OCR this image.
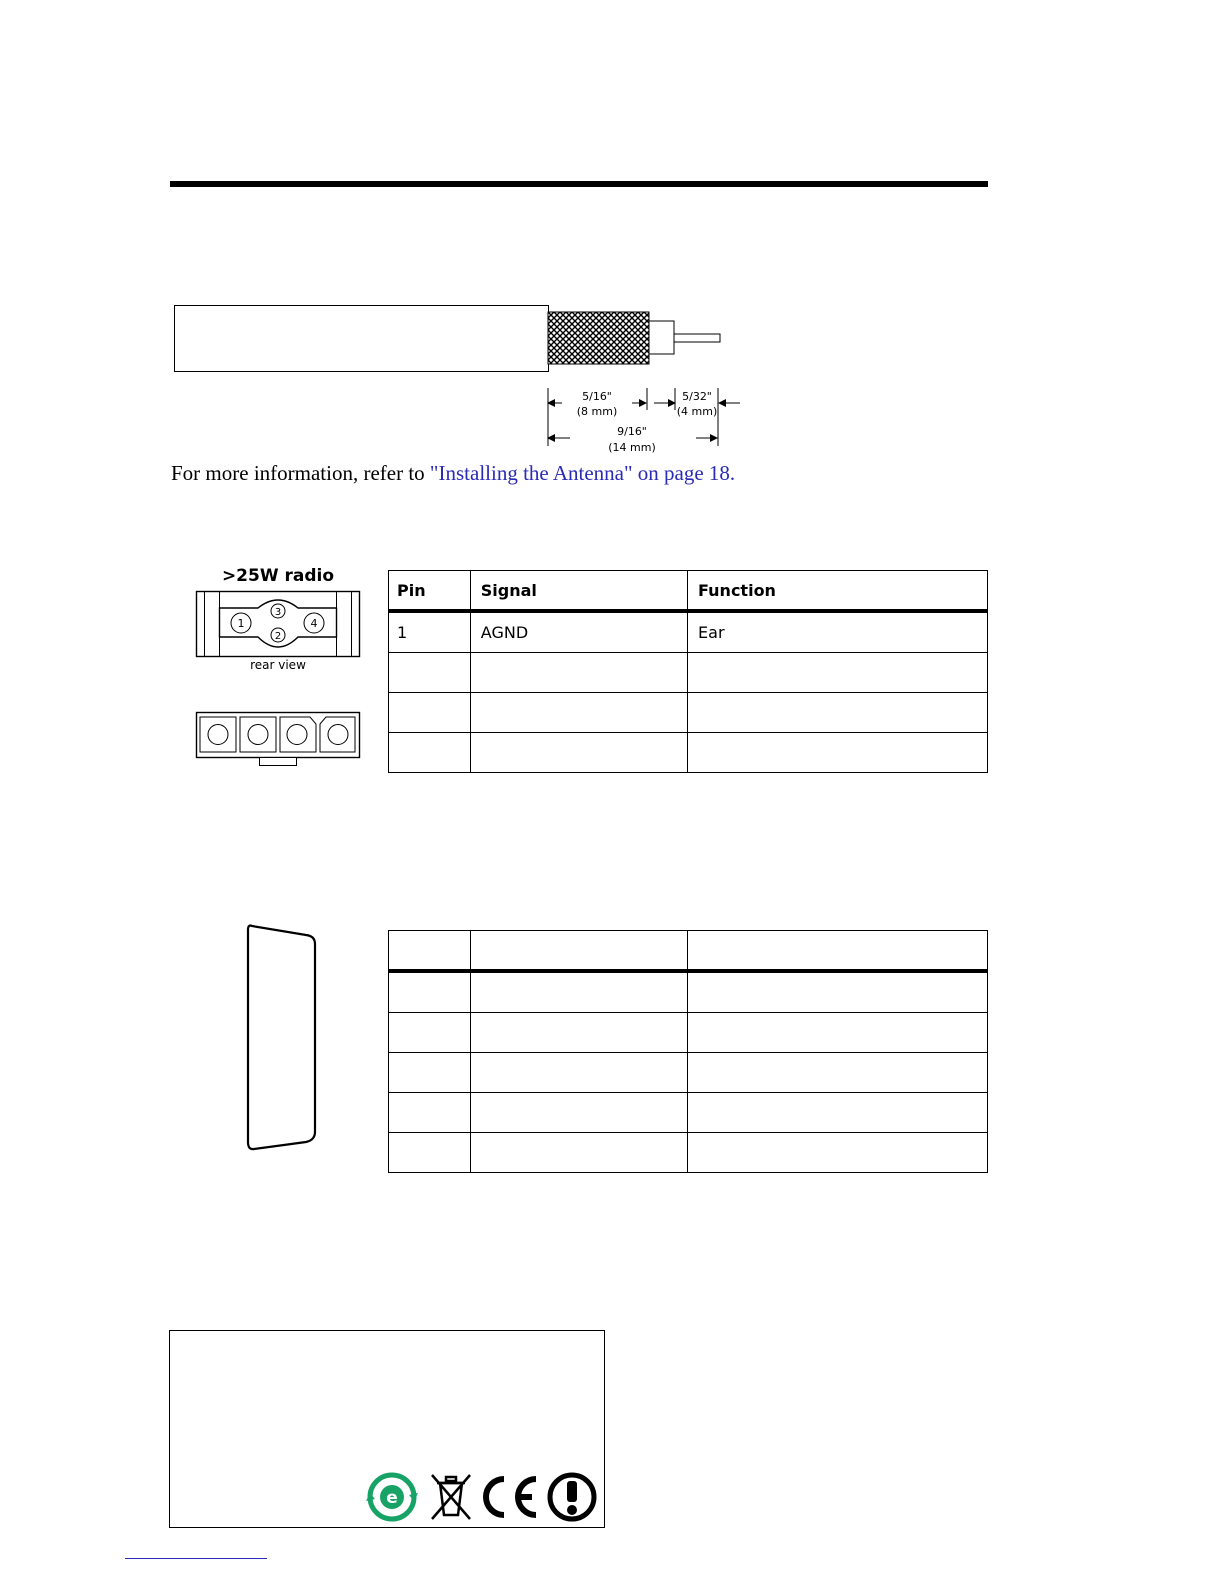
5/16"
(8 mm)
5/32"
(4 mm)
9/16"
(14 mm)
For more information, refer to "Installing the Antenna" on page 18.
>25W radio
1
2
3
4
rear view
Pin	Signal	Function
1	AGND	Ear

e
